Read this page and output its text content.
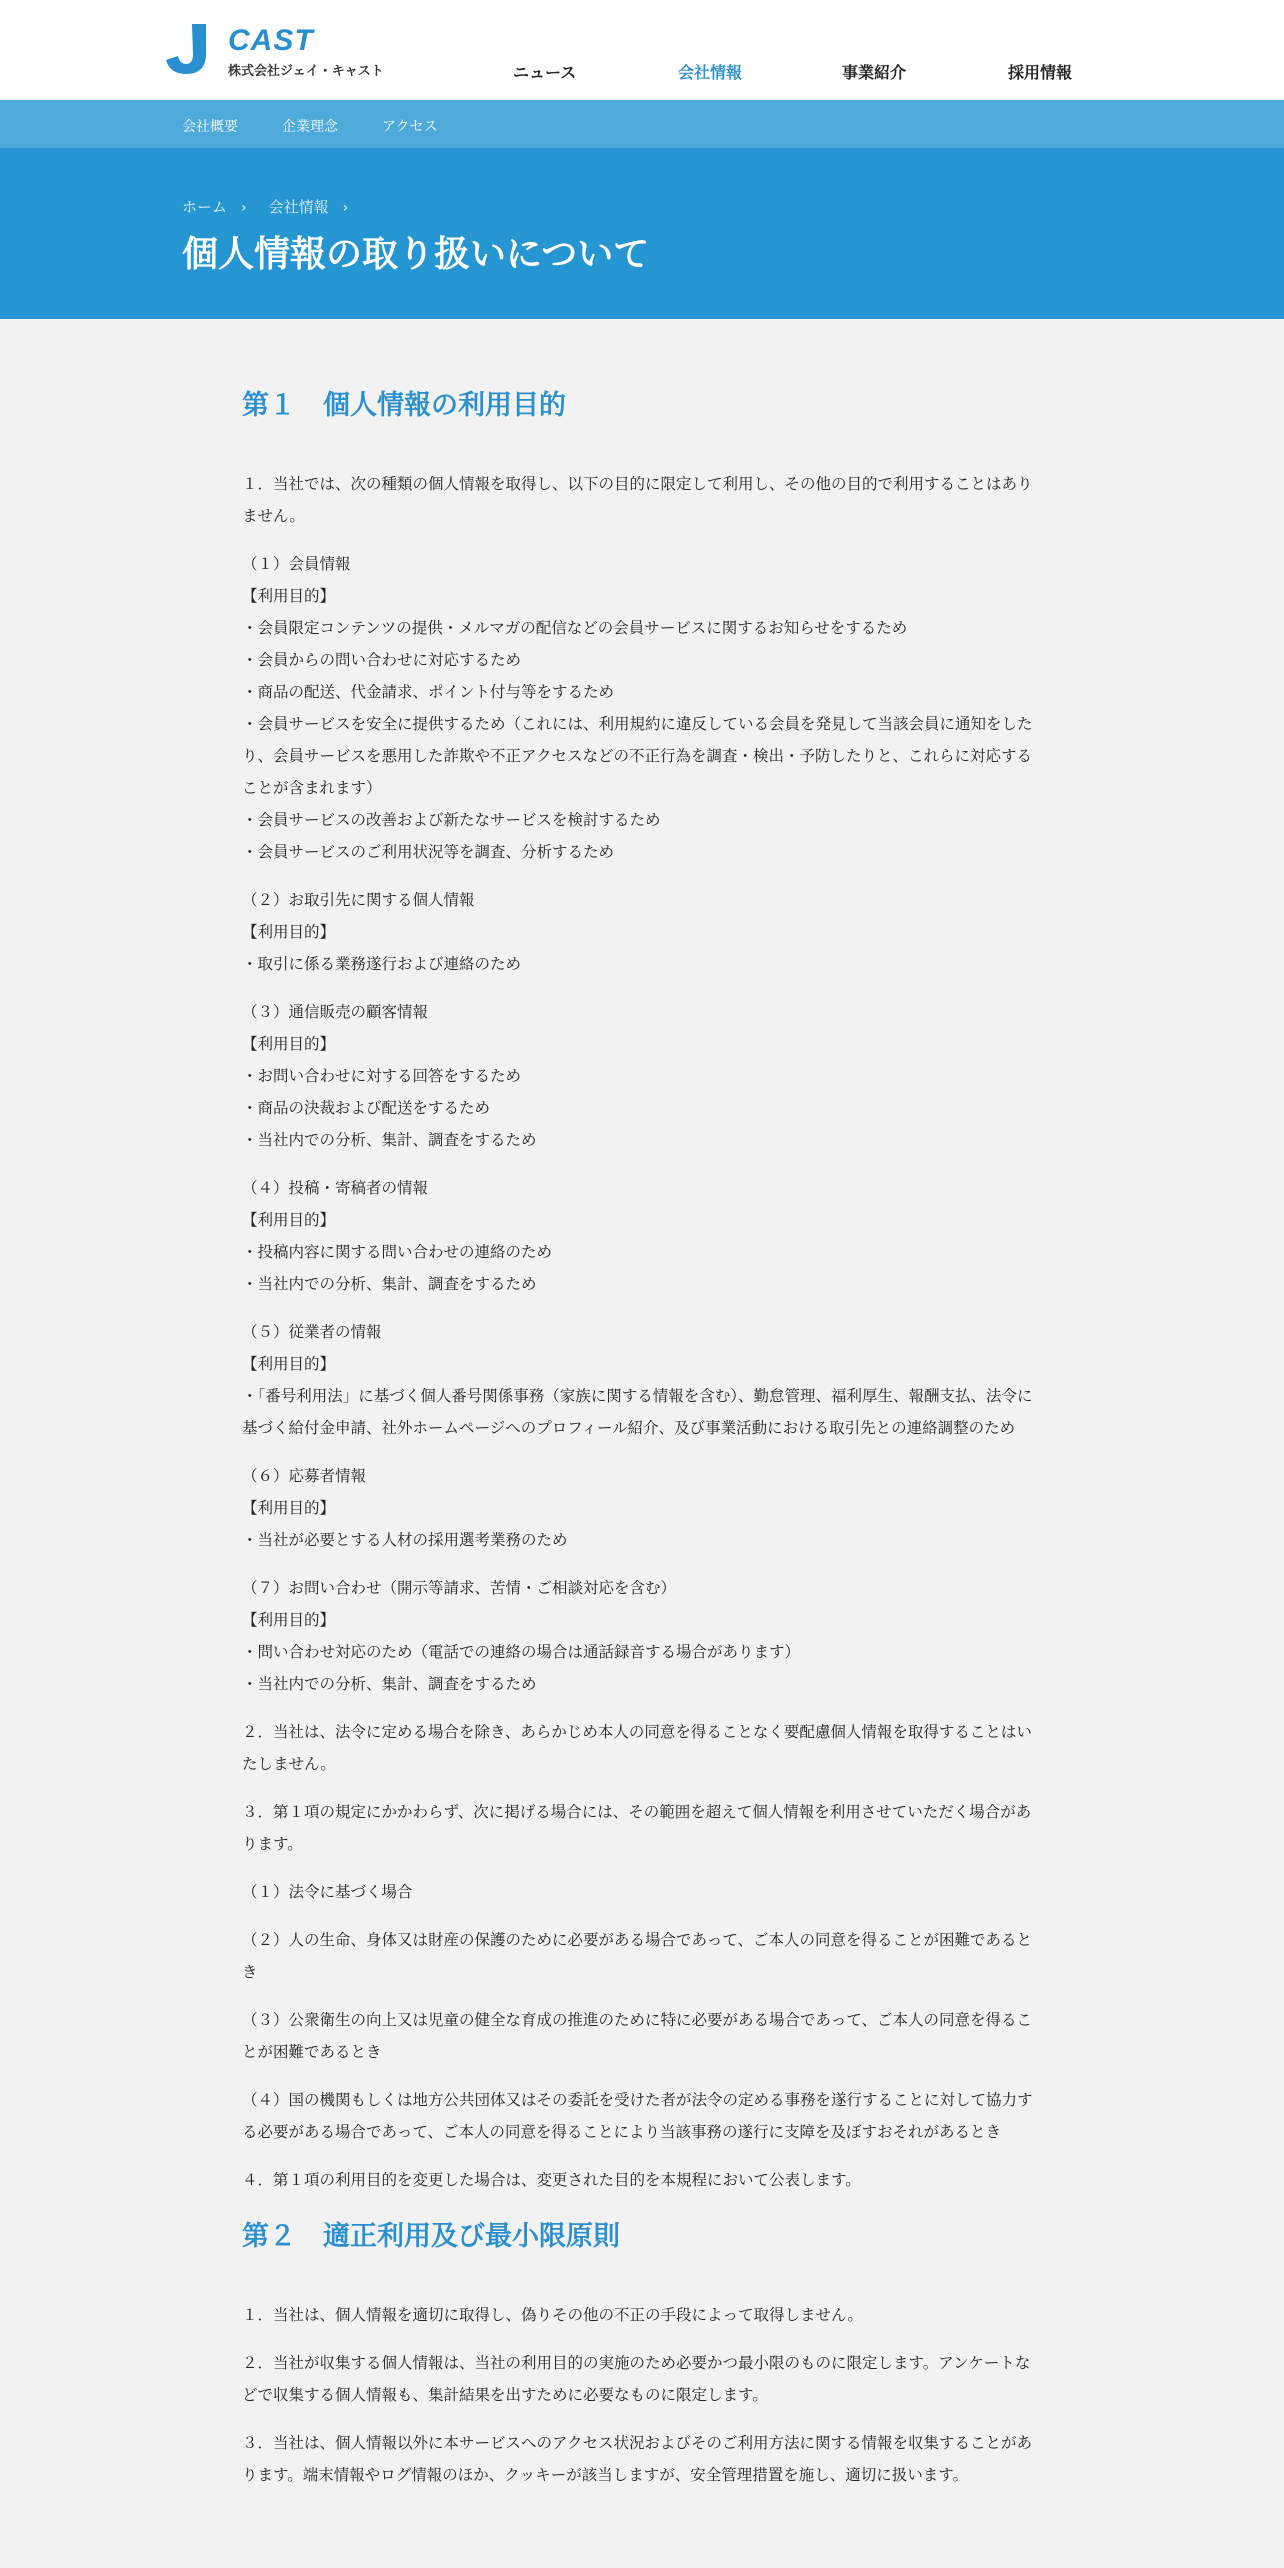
CAST
株式会社ジェイ・キャスト	ニュース	会社情報	事業紹介	採用情報
会社概要	企業理念	アクセス
ホーム › 会社情報 ›
個人情報の取り扱いについて
第１　個人情報の利用目的

１．当社では、次の種類の個人情報を取得し、以下の目的に限定して利用し、その他の目的で利用することはありません。

（１）会員情報

【利用目的】

・会員限定コンテンツの提供・メルマガの配信などの会員サービスに関するお知らせをするため

・会員からの問い合わせに対応するため

・商品の配送、代金請求、ポイント付与等をするため

・会員サービスを安全に提供するため（これには、利用規約に違反している会員を発見して当該会員に通知をしたり、会員サービスを悪用した詐欺や不正アクセスなどの不正行為を調査・検出・予防したりと、これらに対応することが含まれます）

・会員サービスの改善および新たなサービスを検討するため

・会員サービスのご利用状況等を調査、分析するため

（２）お取引先に関する個人情報

【利用目的】

・取引に係る業務遂行および連絡のため

（３）通信販売の顧客情報

【利用目的】

・お問い合わせに対する回答をするため

・商品の決裁および配送をするため

・当社内での分析、集計、調査をするため

（４）投稿・寄稿者の情報

【利用目的】

・投稿内容に関する問い合わせの連絡のため

・当社内での分析、集計、調査をするため

（５）従業者の情報

【利用目的】

・「番号利用法」に基づく個人番号関係事務（家族に関する情報を含む）、勤怠管理、福利厚生、報酬支払、法令に基づく給付金申請、社外ホームページへのプロフィール紹介、及び事業活動における取引先との連絡調整のため

（６）応募者情報

【利用目的】

・当社が必要とする人材の採用選考業務のため

（７）お問い合わせ（開示等請求、苦情・ご相談対応を含む）

【利用目的】

・問い合わせ対応のため（電話での連絡の場合は通話録音する場合があります）

・当社内での分析、集計、調査をするため

２．当社は、法令に定める場合を除き、あらかじめ本人の同意を得ることなく要配慮個人情報を取得することはいたしません。

３．第１項の規定にかかわらず、次に掲げる場合には、その範囲を超えて個人情報を利用させていただく場合があります。

（１）法令に基づく場合

（２）人の生命、身体又は財産の保護のために必要がある場合であって、ご本人の同意を得ることが困難であるとき

（３）公衆衛生の向上又は児童の健全な育成の推進のために特に必要がある場合であって、ご本人の同意を得ることが困難であるとき

（４）国の機関もしくは地方公共団体又はその委託を受けた者が法令の定める事務を遂行することに対して協力する必要がある場合であって、ご本人の同意を得ることにより当該事務の遂行に支障を及ぼすおそれがあるとき

４．第１項の利用目的を変更した場合は、変更された目的を本規程において公表します。

第２　適正利用及び最小限原則

１．当社は、個人情報を適切に取得し、偽りその他の不正の手段によって取得しません。

２．当社が収集する個人情報は、当社の利用目的の実施のため必要かつ最小限のものに限定します。アンケートなどで収集する個人情報も、集計結果を出すために必要なものに限定します。

３．当社は、個人情報以外に本サービスへのアクセス状況およびそのご利用方法に関する情報を収集することがあります。端末情報やログ情報のほか、クッキーが該当しますが、安全管理措置を施し、適切に扱います。
